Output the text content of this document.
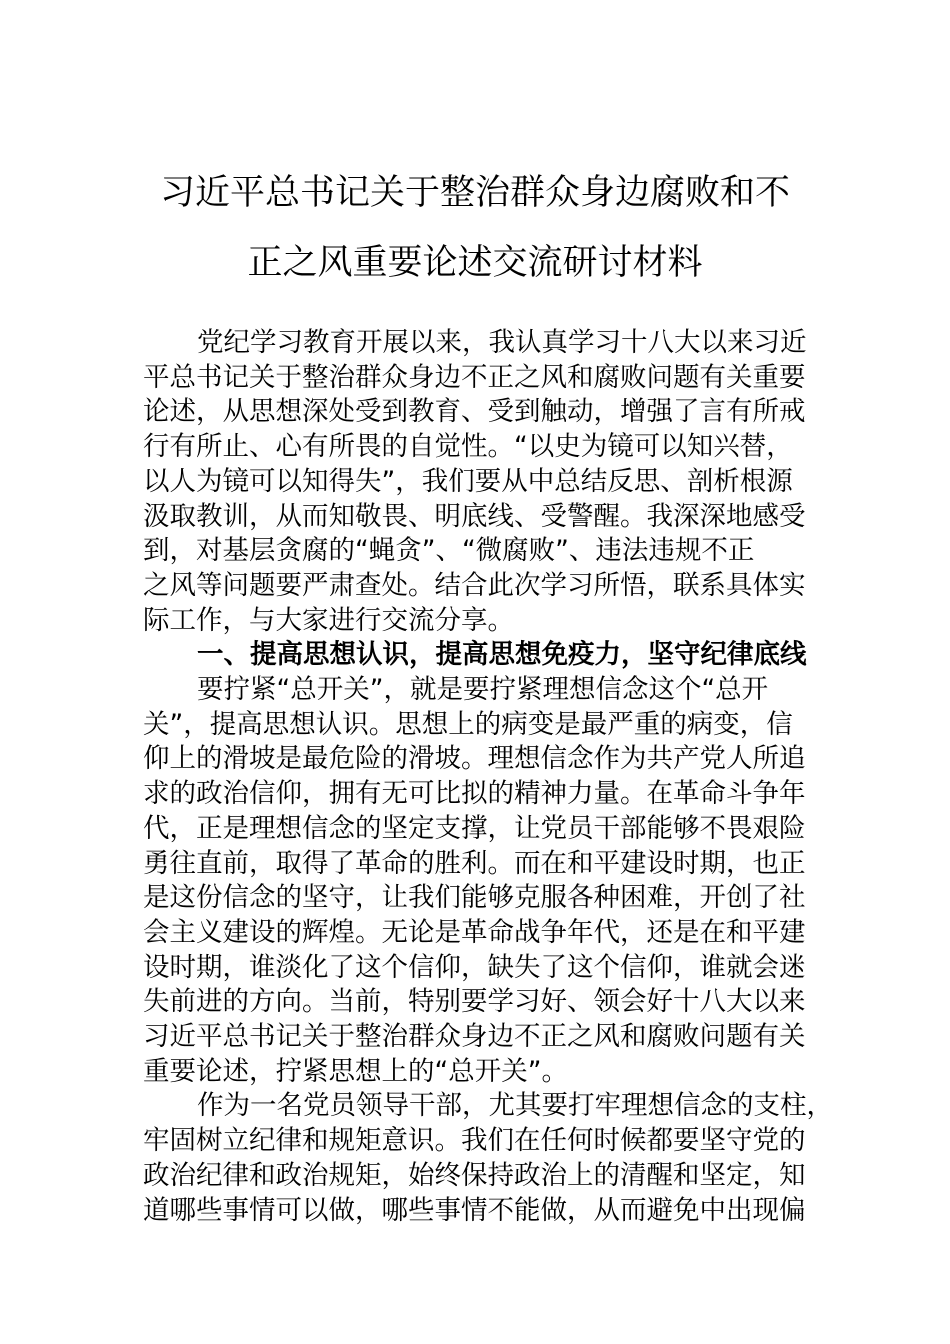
习近平总书记关于整治群众身边腐败和不
正之风重要论述交流研讨材料
党纪学习教育开展以来，我认真学习十八大以来习近
平总书记关于整治群众身边不正之风和腐败问题有关重要
论述，从思想深处受到教育、受到触动，增强了言有所戒
行有所止、心有所畏的自觉性。“以史为镜可以知兴替，
以人为镜可以知得失”，我们要从中总结反思、剖析根源
汲取教训，从而知敬畏、明底线、受警醒。我深深地感受
到，对基层贪腐的“蝇贪”、“微腐败”、违法违规不正
之风等问题要严肃查处。结合此次学习所悟，联系具体实
际工作，与大家进行交流分享。
一、提高思想认识，提高思想免疫力，坚守纪律底线
要拧紧“总开关”，就是要拧紧理想信念这个“总开
关”，提高思想认识。思想上的病变是最严重的病变，信
仰上的滑坡是最危险的滑坡。理想信念作为共产党人所追
求的政治信仰，拥有无可比拟的精神力量。在革命斗争年
代，正是理想信念的坚定支撑，让党员干部能够不畏艰险
勇往直前，取得了革命的胜利。而在和平建设时期，也正
是这份信念的坚守，让我们能够克服各种困难，开创了社
会主义建设的辉煌。无论是革命战争年代，还是在和平建
设时期，谁淡化了这个信仰，缺失了这个信仰，谁就会迷
失前进的方向。当前，特别要学习好、领会好十八大以来
习近平总书记关于整治群众身边不正之风和腐败问题有关
重要论述，拧紧思想上的“总开关”。
作为一名党员领导干部，尤其要打牢理想信念的支柱，
牢固树立纪律和规矩意识。我们在任何时候都要坚守党的
政治纪律和政治规矩，始终保持政治上的清醒和坚定，知
道哪些事情可以做，哪些事情不能做，从而避免中出现偏
